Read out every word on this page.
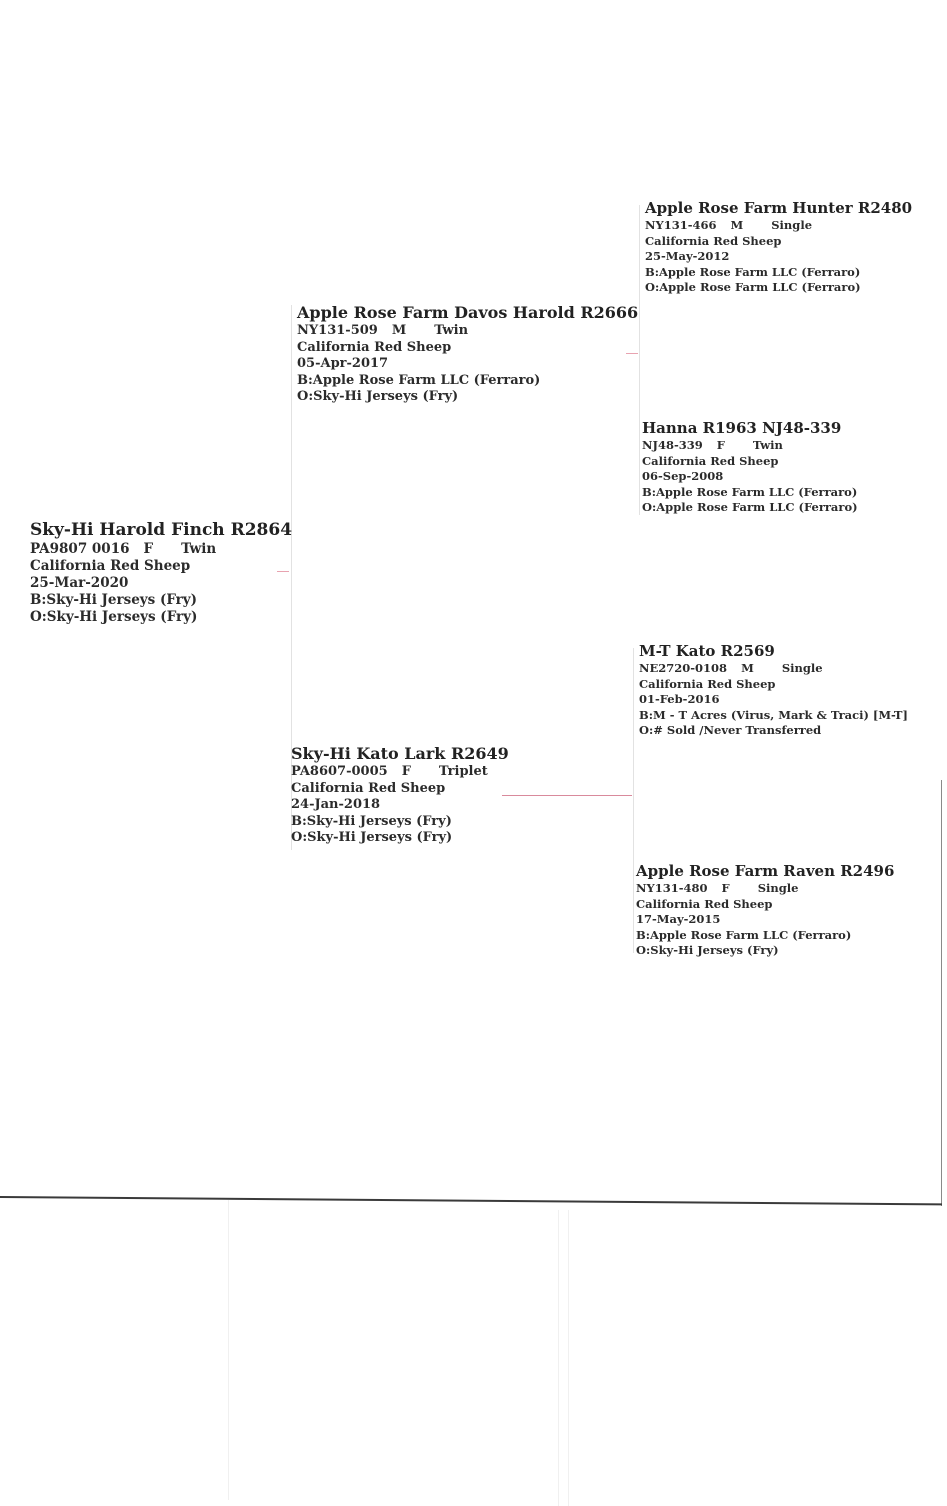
Sky-Hi Harold Finch R2864
PA9807 0016 F Twin
California Red Sheep
25-Mar-2020
B:Sky-Hi Jerseys (Fry)
O:Sky-Hi Jerseys (Fry)
Apple Rose Farm Davos Harold R2666
NY131-509 M Twin
California Red Sheep
05-Apr-2017
B:Apple Rose Farm LLC (Ferraro)
O:Sky-Hi Jerseys (Fry)
Sky-Hi Kato Lark R2649
PA8607-0005 F Triplet
California Red Sheep
24-Jan-2018
B:Sky-Hi Jerseys (Fry)
O:Sky-Hi Jerseys (Fry)
Apple Rose Farm Hunter R2480
NY131-466 M Single
California Red Sheep
25-May-2012
B:Apple Rose Farm LLC (Ferraro)
O:Apple Rose Farm LLC (Ferraro)
Hanna R1963 NJ48-339
NJ48-339 F Twin
California Red Sheep
06-Sep-2008
B:Apple Rose Farm LLC (Ferraro)
O:Apple Rose Farm LLC (Ferraro)
M-T Kato R2569
NE2720-0108 M Single
California Red Sheep
01-Feb-2016
B:M - T Acres (Virus, Mark & Traci) [M-T]
O:# Sold /Never Transferred
Apple Rose Farm Raven R2496
NY131-480 F Single
California Red Sheep
17-May-2015
B:Apple Rose Farm LLC (Ferraro)
O:Sky-Hi Jerseys (Fry)
